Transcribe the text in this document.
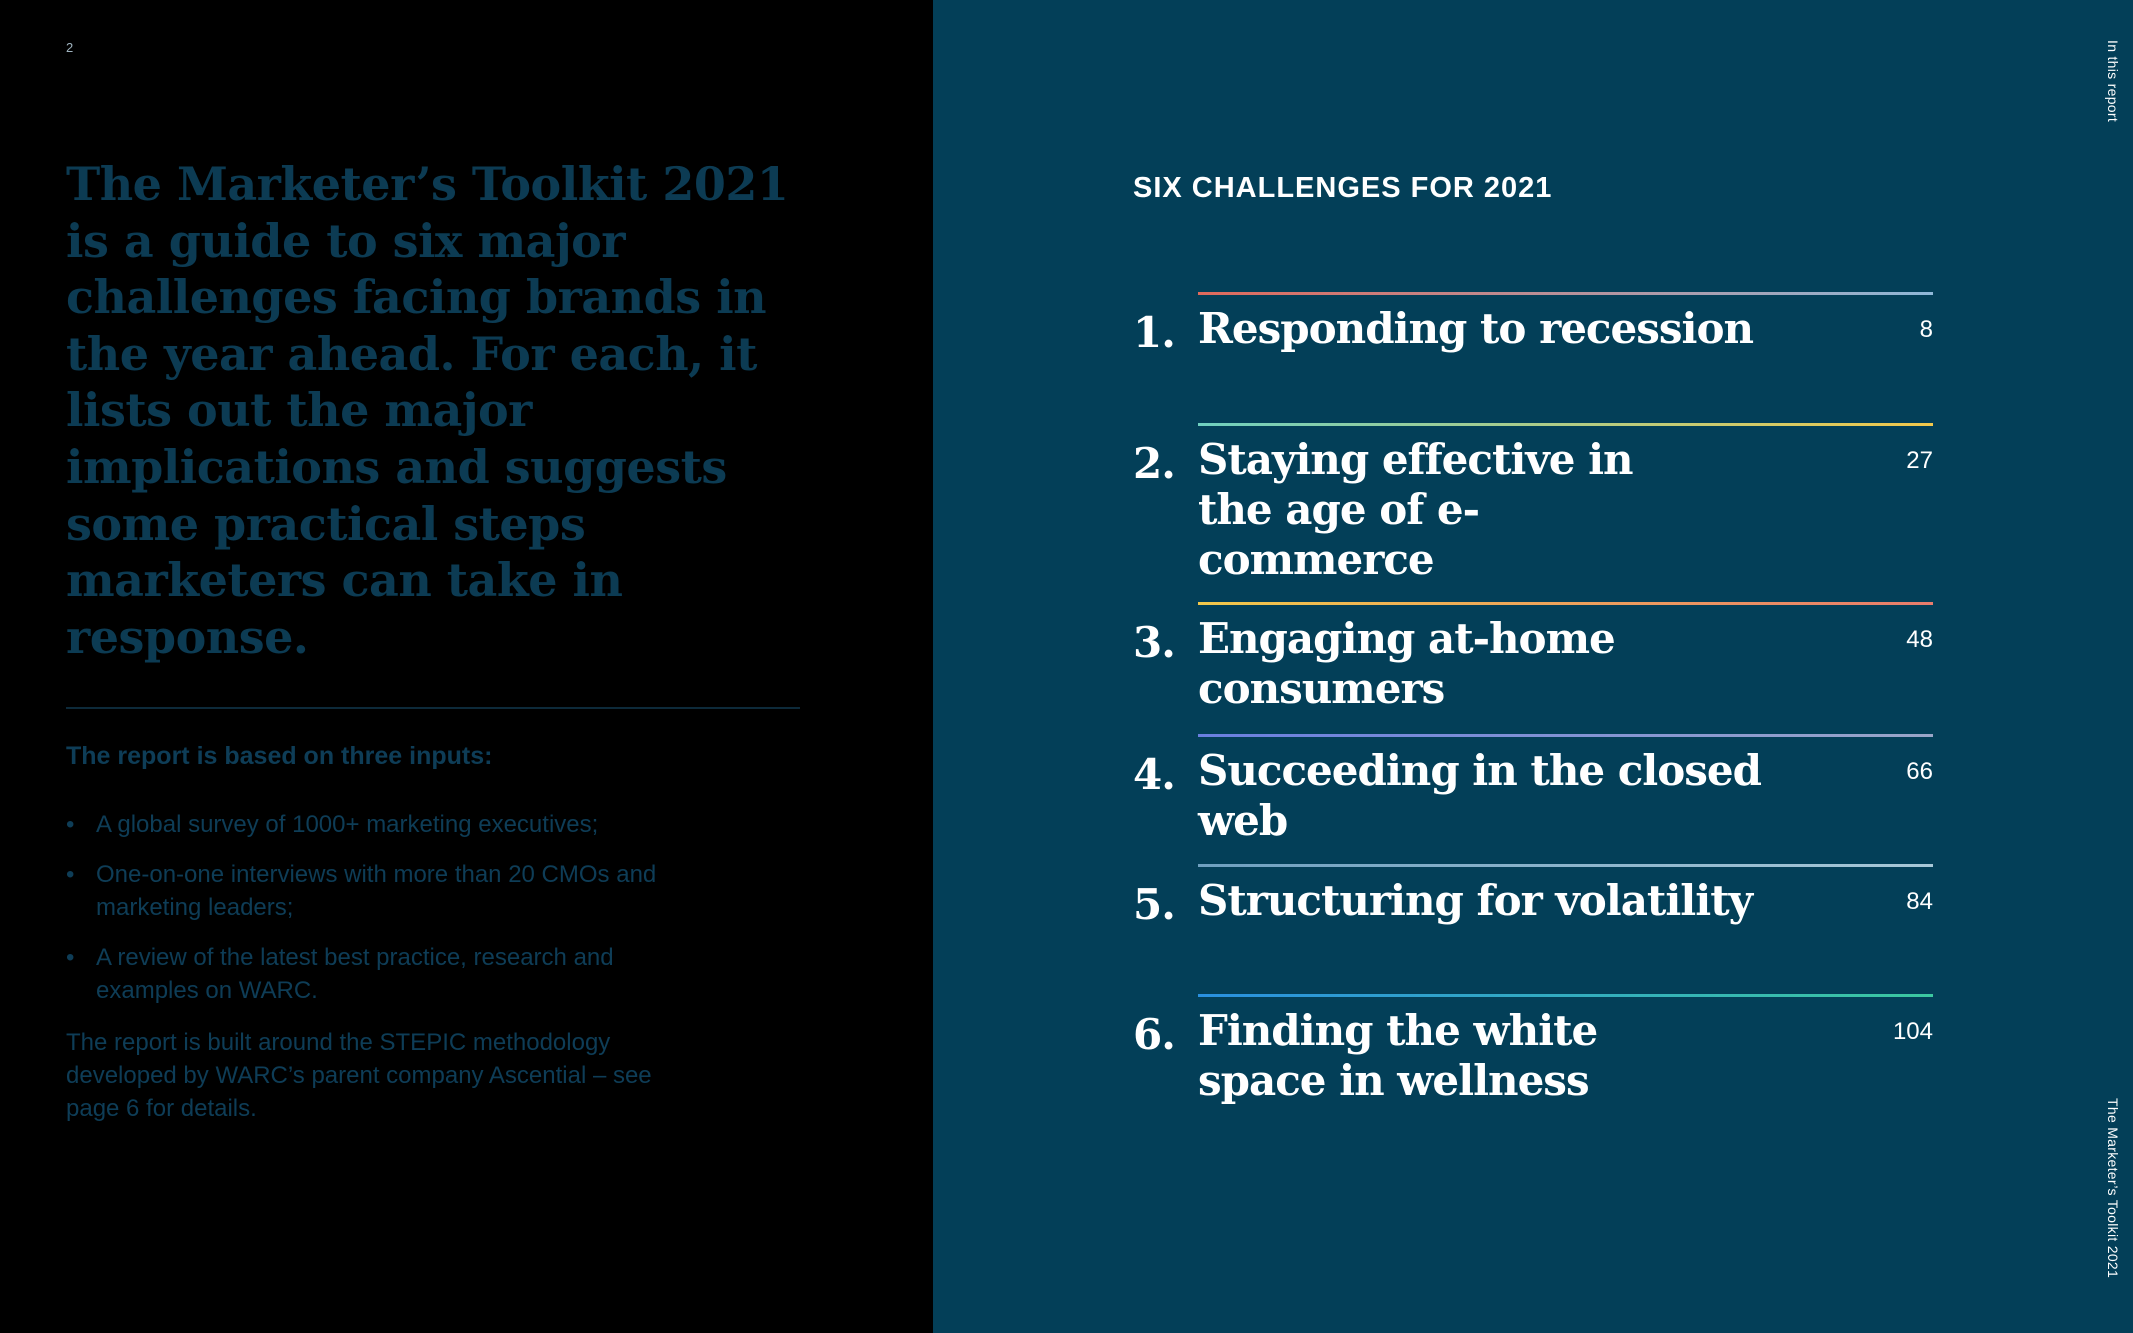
2

The Marketer’s Toolkit 2021 is a guide to six major challenges facing brands in the year ahead. For each, it lists out the major implications and suggests some practical steps marketers can take in response.

The report is based on three inputs:

• A global survey of 1000+ marketing executives;
• One-on-one interviews with more than 20 CMOs and marketing leaders;
• A review of the latest best practice, research and examples on WARC.

The report is built around the STEPIC methodology developed by WARC’s parent company Ascential – see page 6 for details.

SIX CHALLENGES FOR 2021
1. Responding to recession	8
2. Staying effective in the age of e-commerce

27
3. Engaging at-home consumers

48
4. Succeeding in the closed web

66
5. Structuring for volatility	84
6. Finding the white space in wellness

104
In this report
The Marketer’s Toolkit 2021
